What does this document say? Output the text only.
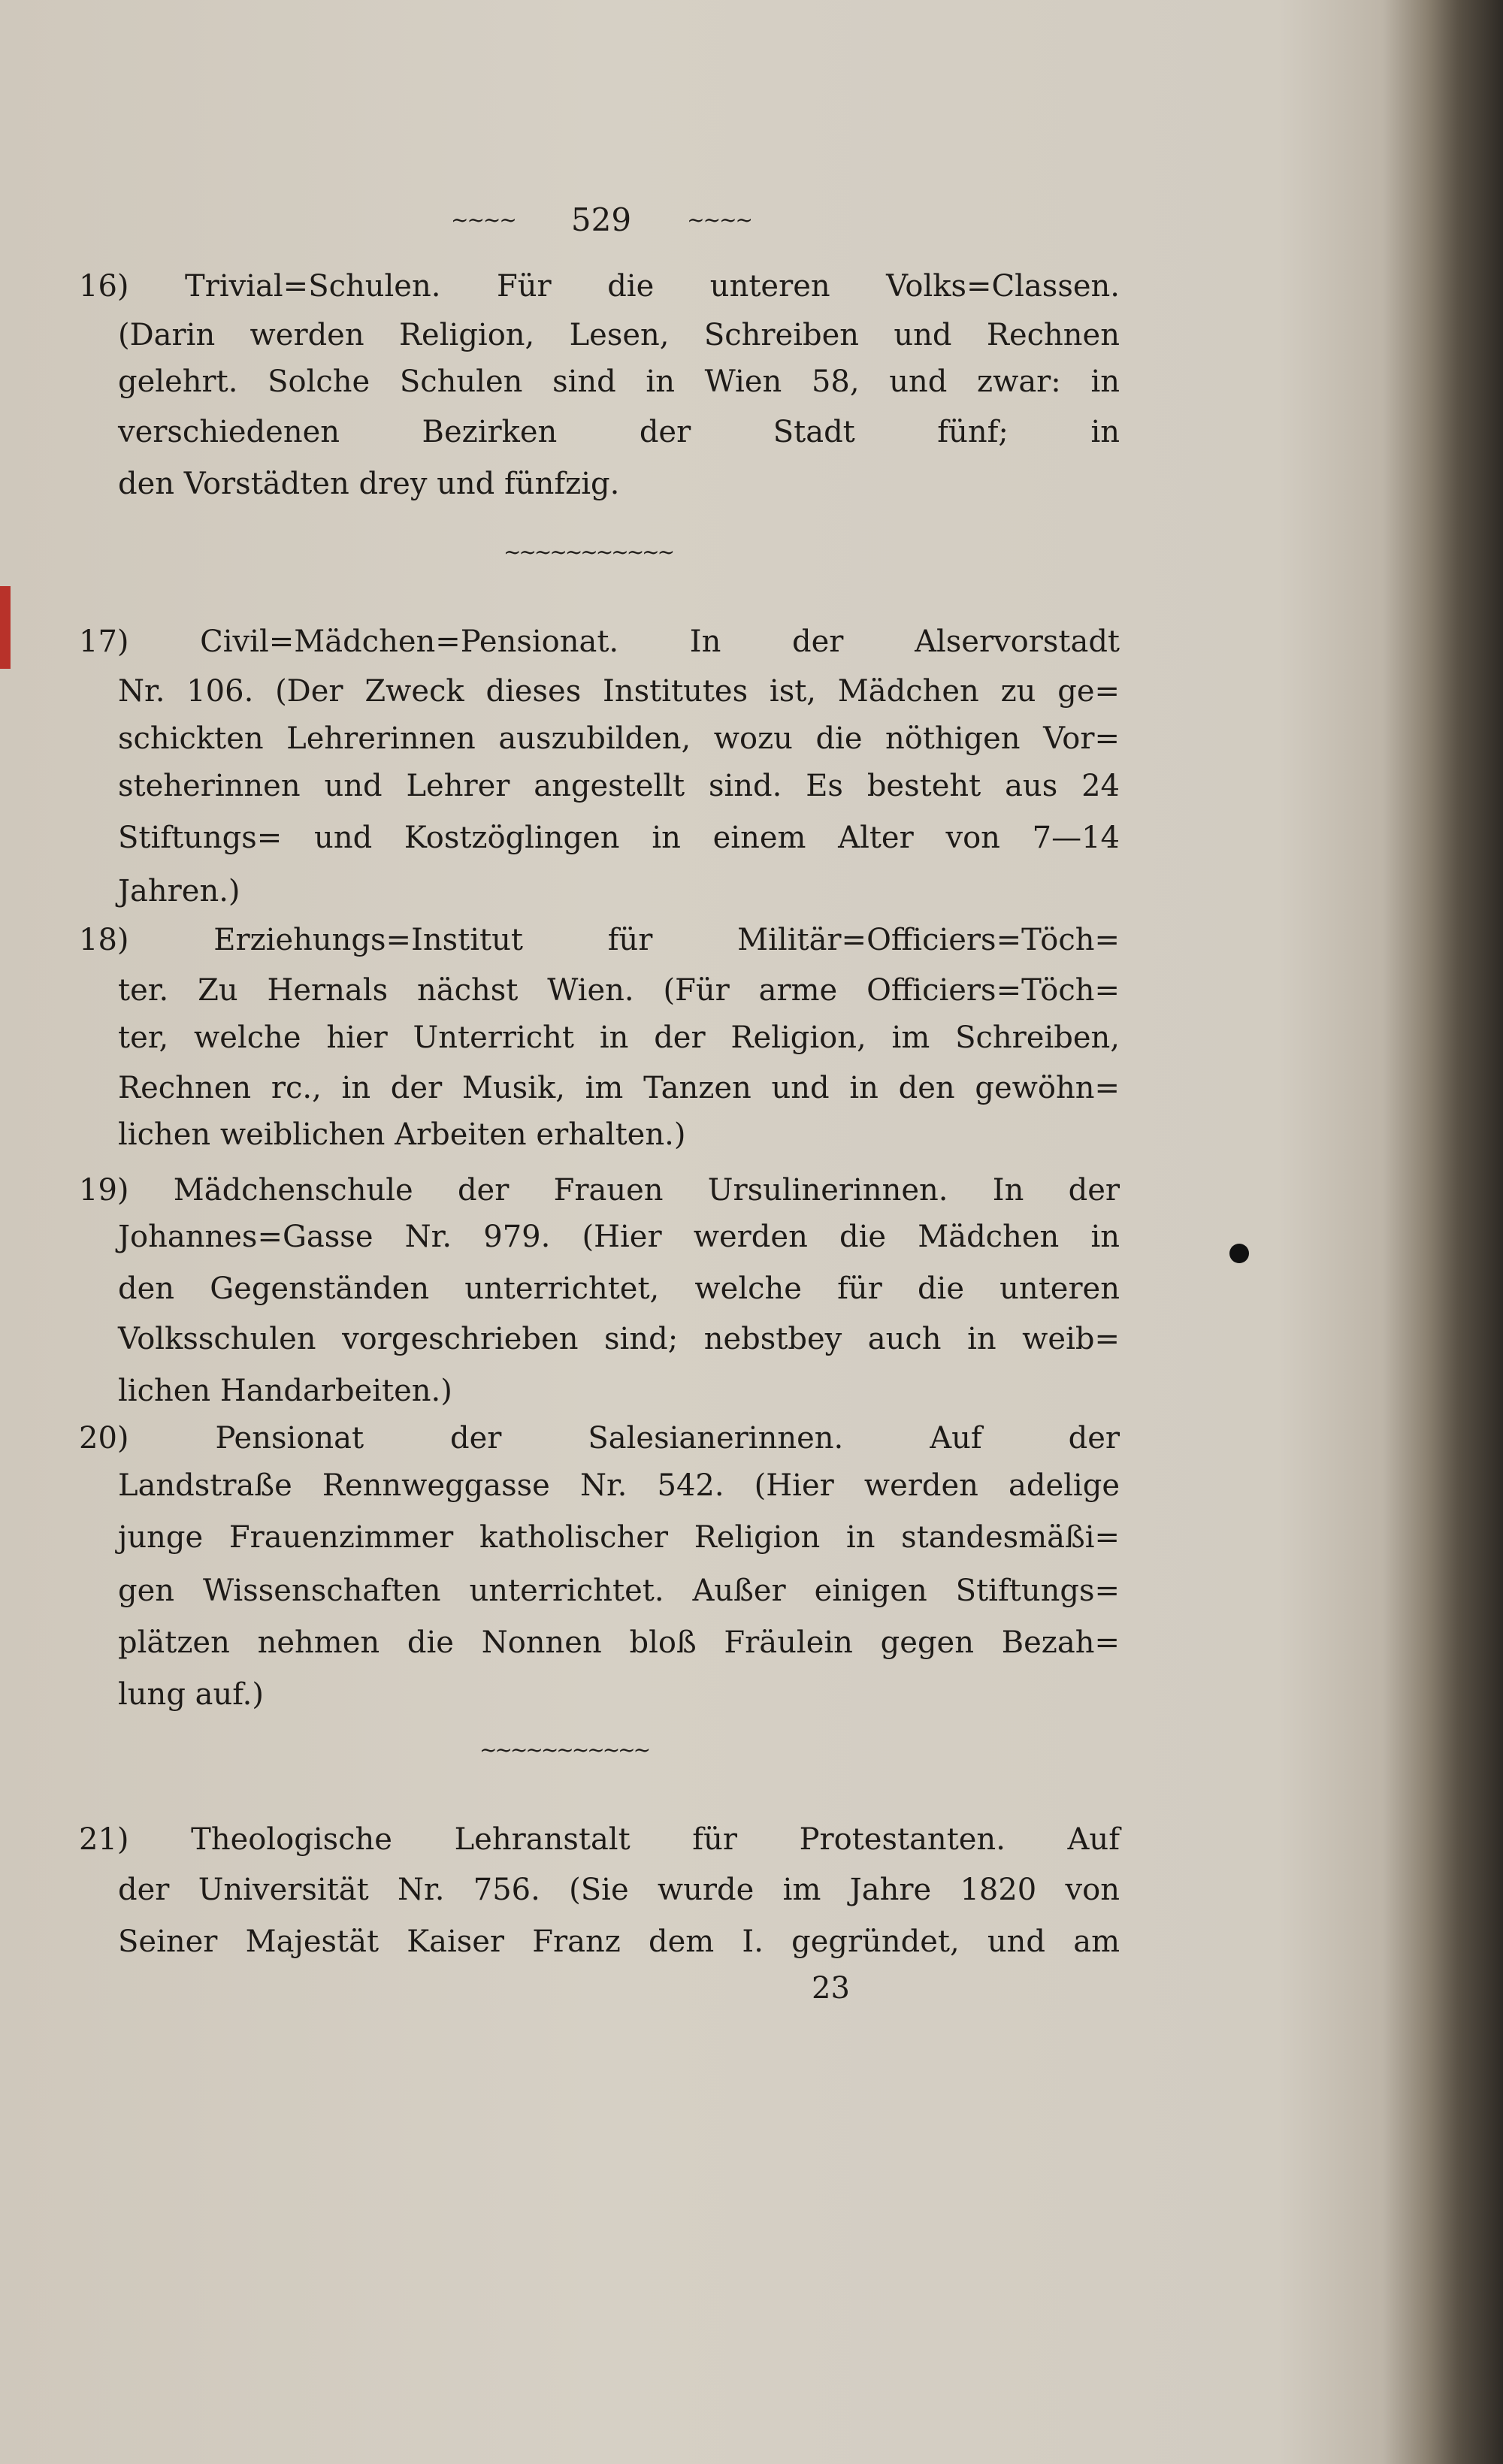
~~~~ 529	~~~~
16) Trivial=Schulen. Für die unteren Volks=Classen.
(Darin werden Religion, Lesen, Schreiben und Rechnen
gelehrt. Solche Schulen sind in Wien 58, und zwar: in
verschiedenen Bezirken der Stadt fünf; in
den Vorstädten drey und fünfzig.
~~~~~~~~~~~
17) Civil=Mädchen=Pensionat. In der Alservorstadt
Nr. 106. (Der Zweck dieses Institutes ist, Mädchen zu ge=
schickten Lehrerinnen auszubilden, wozu die nöthigen Vor=
steherinnen und Lehrer angestellt sind. Es besteht aus 24
Stiftungs= und Kostzöglingen in einem Alter von 7—14
Jahren.)
18) Erziehungs=Institut für Militär=Officiers=Töch=
ter. Zu Hernals nächst Wien. (Für arme Officiers=Töch=
ter, welche hier Unterricht in der Religion, im Schreiben,
Rechnen rc., in der Musik, im Tanzen und in den gewöhn=
lichen weiblichen Arbeiten erhalten.)
19) Mädchenschule der Frauen Ursulinerinnen. In der
Johannes=Gasse Nr. 979. (Hier werden die Mädchen in
den Gegenständen unterrichtet, welche für die unteren
Volksschulen vorgeschrieben sind; nebstbey auch in weib=
lichen Handarbeiten.)
20) Pensionat der Salesianerinnen. Auf der
Landstraße Rennweggasse Nr. 542. (Hier werden adelige
junge Frauenzimmer katholischer Religion in standesmäßi=
gen Wissenschaften unterrichtet. Außer einigen Stiftungs=
plätzen nehmen die Nonnen bloß Fräulein gegen Bezah=
lung auf.)
~~~~~~~~~~~
21) Theologische Lehranstalt für Protestanten. Auf
der Universität Nr. 756. (Sie wurde im Jahre 1820 von
Seiner Majestät Kaiser Franz dem I. gegründet, und am
23
